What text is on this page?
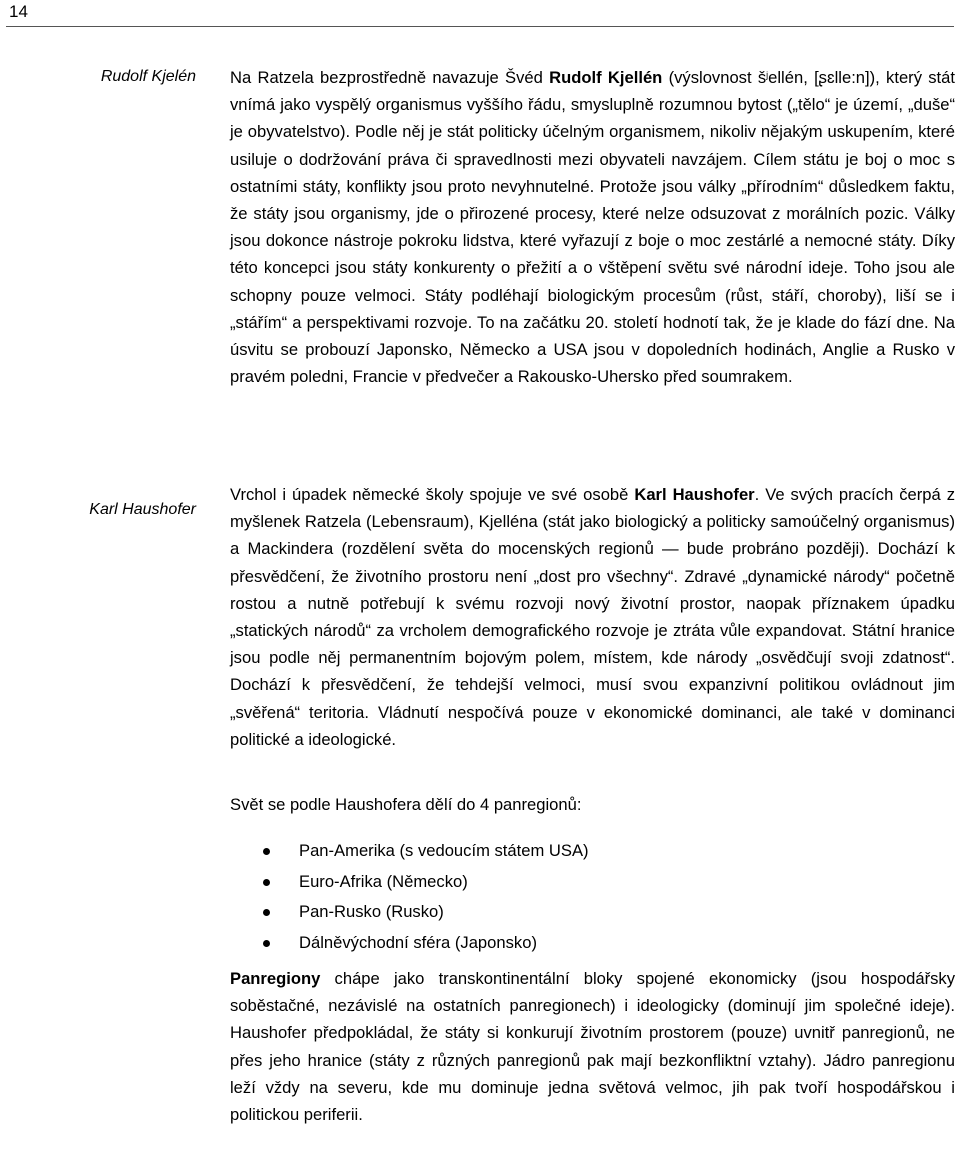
14
Rudolf Kjelén
Karl Haushofer

Na Ratzela bezprostředně navazuje Švéd Rudolf Kjellén (výslovnost $š^jellén$, [ʂɛlle:n]), který stát vnímá jako vyspělý organismus vyššího řádu, smysluplně rozumnou bytost („tělo“ je území, „duše“ je obyvatelstvo). Podle něj je stát politicky účelným organismem, nikoliv nějakým uskupením, které usiluje o dodržování práva či spravedlnosti mezi obyvateli navzájem. Cílem státu je boj o moc s ostatními státy, konflikty jsou proto nevyhnutelné. Protože jsou války „přírodním“ důsledkem faktu, že státy jsou organismy, jde o přirozené procesy, které nelze odsuzovat z morálních pozic. Války jsou dokonce nástroje pokroku lidstva, které vyřazují z boje o moc zestárlé a nemocné státy. Díky této koncepci jsou státy konkurenty o přežití a o vštěpení světu své národní ideje. Toho jsou ale schopny pouze velmoci. Státy podléhají biologickým procesům (růst, stáří, choroby), liší se i „stářím“ a perspektivami rozvoje. To na začátku 20. století hodnotí tak, že je klade do fází dne. Na úsvitu se probouzí Japonsko, Německo a USA jsou v dopoledních hodinách, Anglie a Rusko v pravém poledni, Francie v předvečer a Rakousko-Uhersko před soumrakem.

Vrchol i úpadek německé školy spojuje ve své osobě Karl Haushofer. Ve svých pracích čerpá z myšlenek Ratzela (Lebensraum), Kjelléna (stát jako biologický a politicky samoúčelný organismus) a Mackindera (rozdělení světa do mocenských regionů — bude probráno později). Dochází k přesvědčení, že životního prostoru není „dost pro všechny“. Zdravé „dynamické národy“ početně rostou a nutně potřebují k svému rozvoji nový životní prostor, naopak příznakem úpadku „statických národů“ za vrcholem demografického rozvoje je ztráta vůle expandovat. Státní hranice jsou podle něj permanentním bojovým polem, místem, kde národy „osvědčují svoji zdatnost“. Dochází k přesvědčení, že tehdejší velmoci, musí svou expanzivní politikou ovládnout jim „svěřená“ teritoria. Vládnutí nespočívá pouze v ekonomické dominanci, ale také v dominanci politické a ideologické.

Svět se podle Haushofera dělí do 4 panregionů:

Pan-Amerika (s vedoucím státem USA)
Euro-Afrika (Německo)
Pan-Rusko (Rusko)
Dálněvýchodní sféra (Japonsko)

Panregiony chápe jako transkontinentální bloky spojené ekonomicky (jsou hospodářsky soběstačné, nezávislé na ostatních panregionech) i ideologicky (dominují jim společné ideje). Haushofer předpokládal, že státy si konkurují životním prostorem (pouze) uvnitř panregionů, ne přes jeho hranice (státy z různých panregionů pak mají bezkonfliktní vztahy). Jádro panregionu leží vždy na severu, kde mu dominuje jedna světová velmoc, jih pak tvoří hospodářskou i politickou periferii.
